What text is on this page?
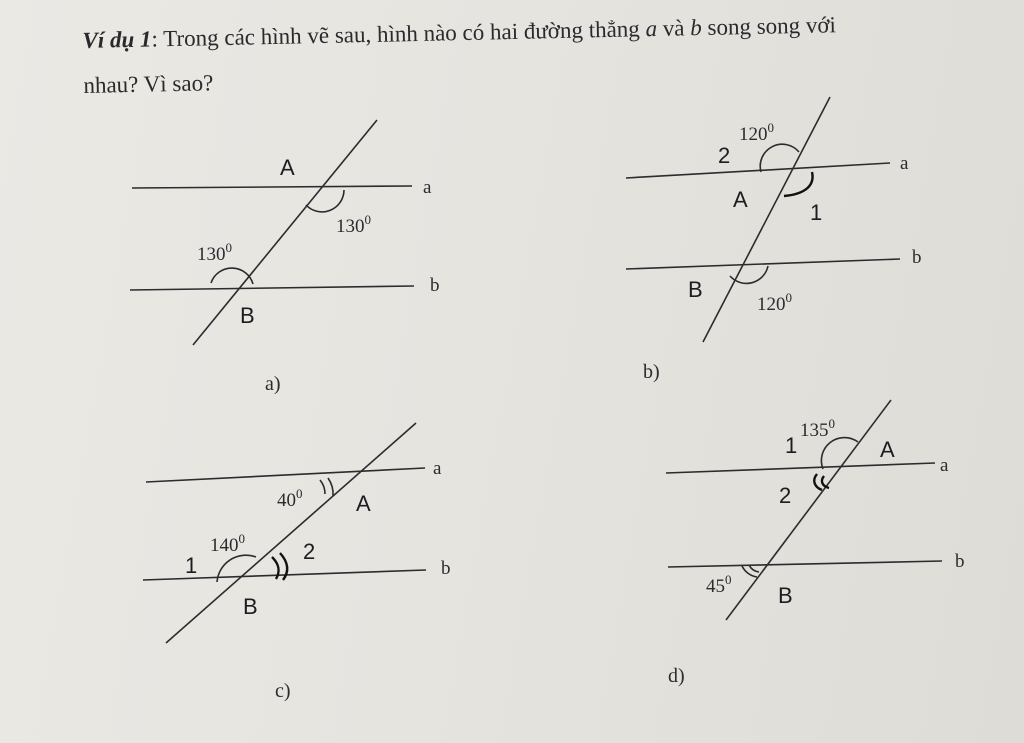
Ví dụ 1: Trong các hình vẽ sau, hình nào có hai đường thẳng a và b song song với
nhau? Vì sao?

A
B
a
b
$130^0$
$130^0$
a)
2
1
A
B
a
b
$120^0$
$120^0$
b)
A
B
1
2
a
b
$40^0$
$140^0$
c)
1
2
A
B
a
b
$135^0$
$45^0$
d)
